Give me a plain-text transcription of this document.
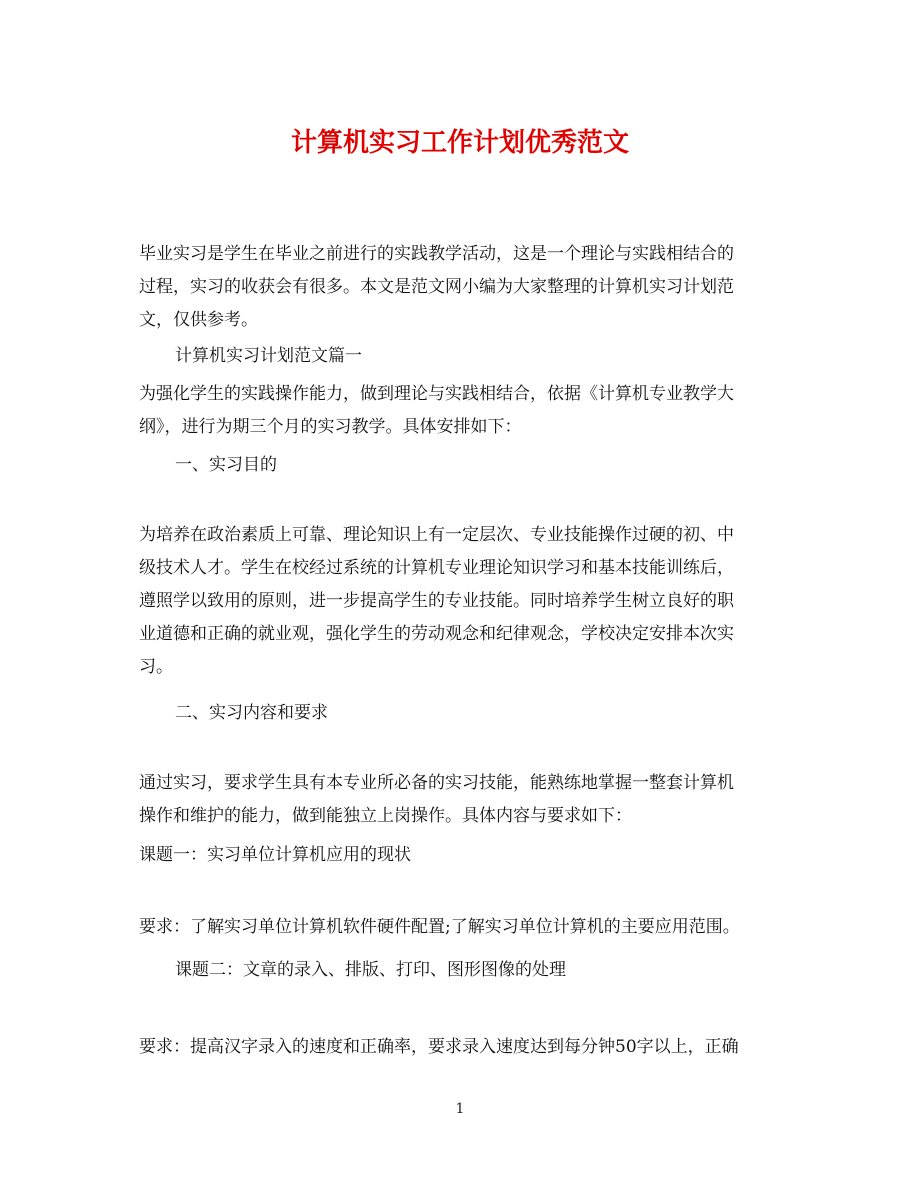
计算机实习工作计划优秀范文
毕业实习是学生在毕业之前进行的实践教学活动，这是一个理论与实践相结合的
过程，实习的收获会有很多。本文是范文网小编为大家整理的计算机实习计划范
文，仅供参考。
计算机实习计划范文篇一
为强化学生的实践操作能力，做到理论与实践相结合，依据《计算机专业教学大
纲》，进行为期三个月的实习教学。具体安排如下：
一、实习目的
为培养在政治素质上可靠、理论知识上有一定层次、专业技能操作过硬的初、中
级技术人才。学生在校经过系统的计算机专业理论知识学习和基本技能训练后，
遵照学以致用的原则，进一步提高学生的专业技能。同时培养学生树立良好的职
业道德和正确的就业观，强化学生的劳动观念和纪律观念，学校决定安排本次实
习。
二、实习内容和要求
通过实习，要求学生具有本专业所必备的实习技能，能熟练地掌握一整套计算机
操作和维护的能力，做到能独立上岗操作。具体内容与要求如下：
课题一：实习单位计算机应用的现状
要求：了解实习单位计算机软件硬件配置;了解实习单位计算机的主要应用范围。
课题二：文章的录入、排版、打印、图形图像的处理
要求：提高汉字录入的速度和正确率，要求录入速度达到每分钟50字以上，正确
1
